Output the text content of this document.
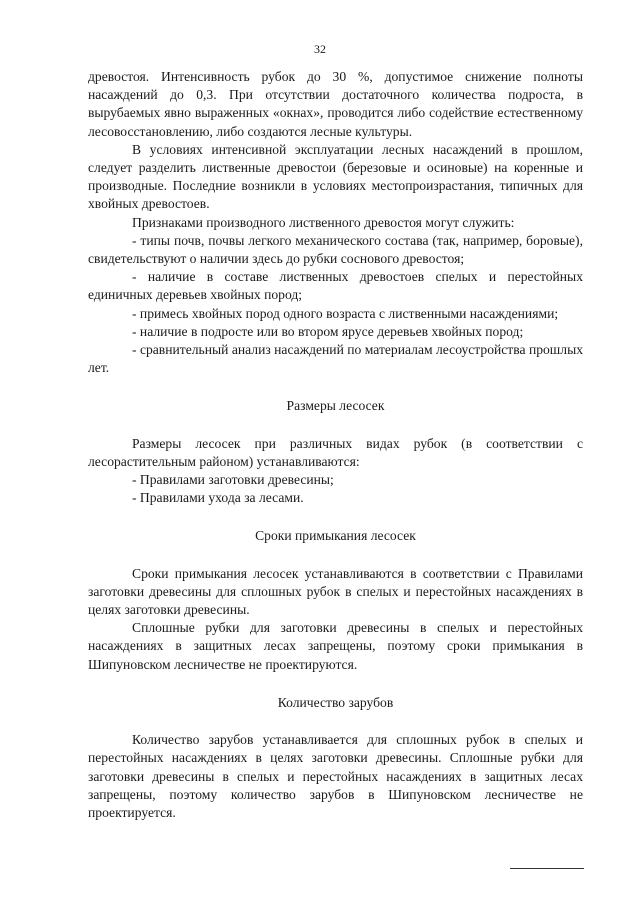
32

древостоя. Интенсивность рубок до 30 %, допустимое снижение полноты насаждений до 0,3. При отсутствии достаточного количества подроста, в вырубаемых явно выраженных «окнах», проводится либо содействие естественному лесовосстановлению, либо создаются лесные культуры.

В условиях интенсивной эксплуатации лесных насаждений в прошлом, следует разделить лиственные древостои (березовые и осиновые) на коренные и производные. Последние возникли в условиях местопроизрастания, типичных для хвойных древостоев.

Признаками производного лиственного древостоя могут служить:

- типы почв, почвы легкого механического состава (так, например, боровые), свидетельствуют о наличии здесь до рубки соснового древостоя;

- наличие в составе лиственных древостоев спелых и перестойных единичных деревьев хвойных пород;

- примесь хвойных пород одного возраста с лиственными насаждениями;

- наличие в подросте или во втором ярусе деревьев хвойных пород;

- сравнительный анализ насаждений по материалам лесоустройства прошлых лет.

Размеры лесосек

Размеры лесосек при различных видах рубок (в соответствии с лесорастительным районом) устанавливаются:

- Правилами заготовки древесины;

- Правилами ухода за лесами.

Сроки примыкания лесосек

Сроки примыкания лесосек устанавливаются в соответствии с Правилами заготовки древесины для сплошных рубок в спелых и перестойных насаждениях в целях заготовки древесины.

Сплошные рубки для заготовки древесины в спелых и перестойных насаждениях в защитных лесах запрещены, поэтому сроки примыкания в Шипуновском лесничестве не проектируются.

Количество зарубов

Количество зарубов устанавливается для сплошных рубок в спелых и перестойных насаждениях в целях заготовки древесины. Сплошные рубки для заготовки древесины в спелых и перестойных насаждениях в защитных лесах запрещены, поэтому количество зарубов в Шипуновском лесничестве не проектируется.
